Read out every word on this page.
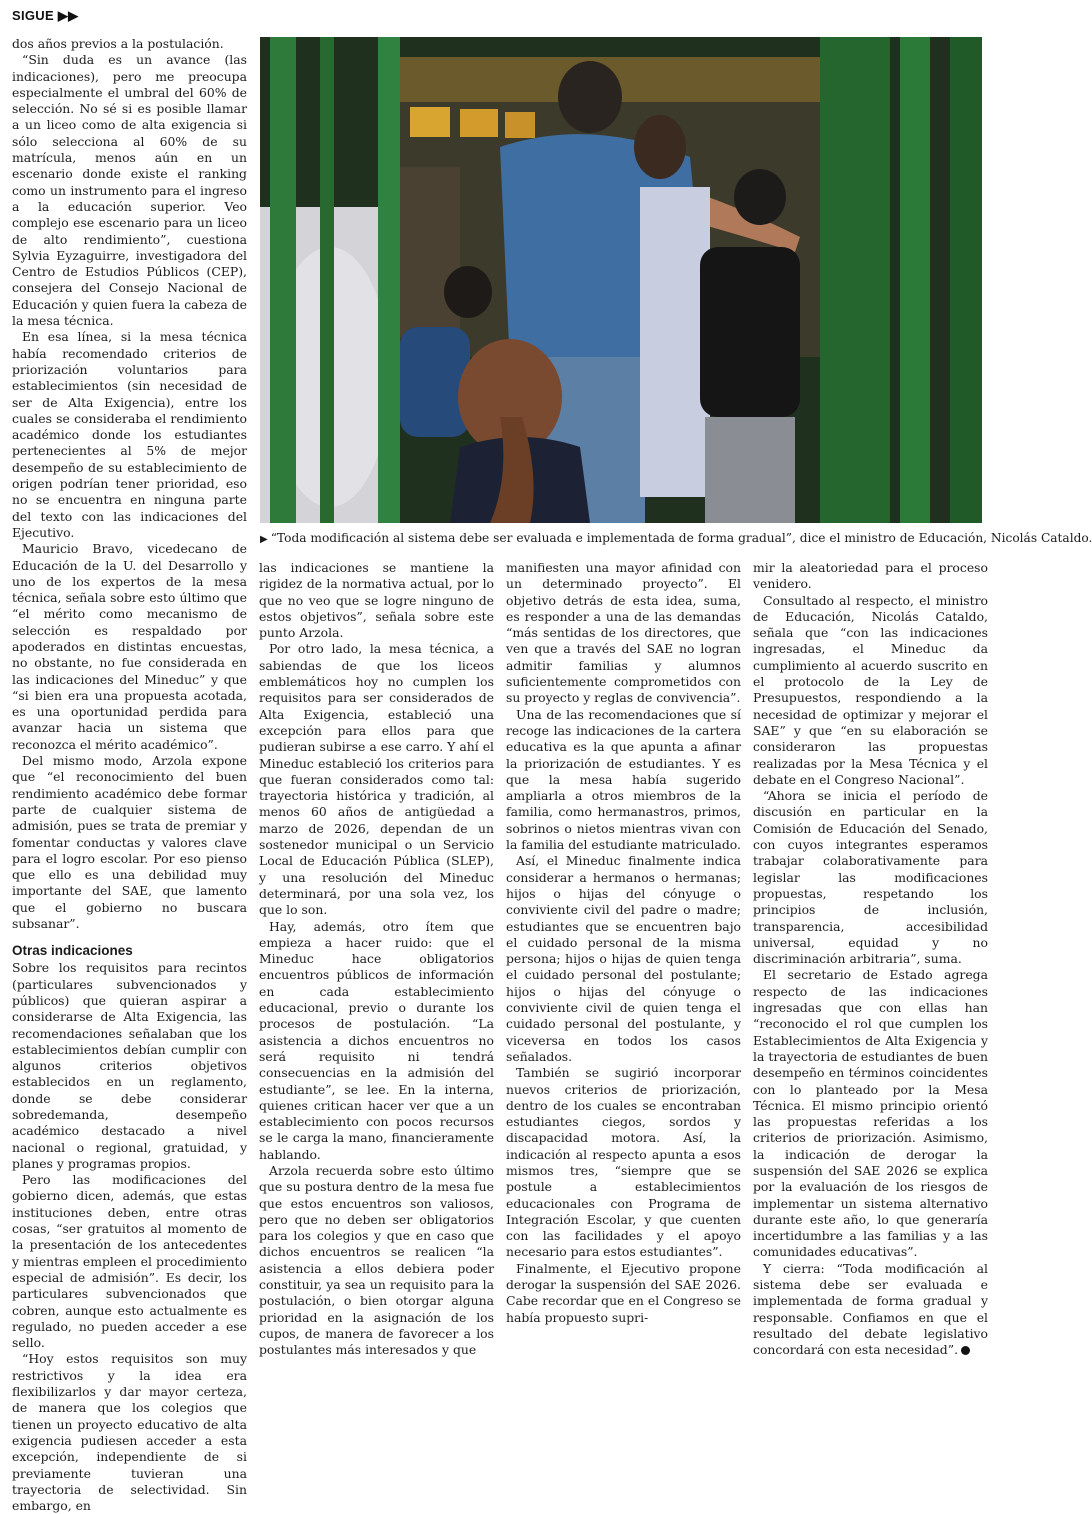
SIGUE ▶▶

dos años previos a la postulación.

“Sin duda es un avance (las indicaciones), pero me preocupa especialmente el umbral del 60% de selección. No sé si es posible llamar a un liceo como de alta exigencia si sólo selecciona al 60% de su matrícula, menos aún en un escenario donde existe el ranking como un instrumento para el ingreso a la educación superior. Veo complejo ese escenario para un liceo de alto rendimiento”, cuestiona Sylvia Eyzaguirre, investigadora del Centro de Estudios Públicos (CEP), consejera del Consejo Nacional de Educación y quien fuera la cabeza de la mesa técnica.

En esa línea, si la mesa técnica había recomendado criterios de priorización voluntarios para establecimientos (sin necesidad de ser de Alta Exigencia), entre los cuales se consideraba el rendimiento académico donde los estudiantes pertenecientes al 5% de mejor desempeño de su establecimiento de origen podrían tener prioridad, eso no se encuentra en ninguna parte del texto con las indicaciones del Ejecutivo.

Mauricio Bravo, vicedecano de Educación de la U. del Desarrollo y uno de los expertos de la mesa técnica, señala sobre esto último que “el mérito como mecanismo de selección es respaldado por apoderados en distintas encuestas, no obstante, no fue considerada en las indicaciones del Mineduc” y que “si bien era una propuesta acotada, es una oportunidad perdida para avanzar hacia un sistema que reconozca el mérito académico”.

Del mismo modo, Arzola expone que “el reconocimiento del buen rendimiento académico debe formar parte de cualquier sistema de admisión, pues se trata de premiar y fomentar conductas y valores clave para el logro escolar. Por eso pienso que ello es una debilidad muy importante del SAE, que lamento que el gobierno no buscara subsanar”.

Otras indicaciones

Sobre los requisitos para recintos (particulares subvencionados y públicos) que quieran aspirar a considerarse de Alta Exigencia, las recomendaciones señalaban que los establecimientos debían cumplir con algunos criterios objetivos establecidos en un reglamento, donde se debe considerar sobredemanda, desempeño académico destacado a nivel nacional o regional, gratuidad, y planes y programas propios.

Pero las modificaciones del gobierno dicen, además, que estas instituciones deben, entre otras cosas, “ser gratuitos al momento de la presentación de los antecedentes y mientras empleen el procedimiento especial de admisión”. Es decir, los particulares subvencionados que cobren, aunque esto actualmente es regulado, no pueden acceder a ese sello.

“Hoy estos requisitos son muy restrictivos y la idea era flexibilizarlos y dar mayor certeza, de manera que los colegios que tienen un proyecto educativo de alta exigencia pudiesen acceder a esta excepción, independiente de si previamente tuvieran una trayectoria de selectividad. Sin embargo, en

▶ “Toda modificación al sistema debe ser evaluada e implementada de forma gradual”, dice el ministro de Educación, Nicolás Cataldo.

las indicaciones se mantiene la rigidez de la normativa actual, por lo que no veo que se logre ninguno de estos objetivos”, señala sobre este punto Arzola.

Por otro lado, la mesa técnica, a sabiendas de que los liceos emblemáticos hoy no cumplen los requisitos para ser considerados de Alta Exigencia, estableció una excepción para ellos para que pudieran subirse a ese carro. Y ahí el Mineduc estableció los criterios para que fueran considerados como tal: trayectoria histórica y tradición, al menos 60 años de antigüedad a marzo de 2026, dependan de un sostenedor municipal o un Servicio Local de Educación Pública (SLEP), y una resolución del Mineduc determinará, por una sola vez, los que lo son.

Hay, además, otro ítem que empieza a hacer ruido: que el Mineduc hace obligatorios encuentros públicos de información en cada establecimiento educacional, previo o durante los procesos de postulación. “La asistencia a dichos encuentros no será requisito ni tendrá consecuencias en la admisión del estudiante”, se lee. En la interna, quienes critican hacer ver que a un establecimiento con pocos recursos se le carga la mano, financieramente hablando.

Arzola recuerda sobre esto último que su postura dentro de la mesa fue que estos encuentros son valiosos, pero que no deben ser obligatorios para los colegios y que en caso que dichos encuentros se realicen “la asistencia a ellos debiera poder constituir, ya sea un requisito para la postulación, o bien otorgar alguna prioridad en la asignación de los cupos, de manera de favorecer a los postulantes más interesados y que

manifiesten una mayor afinidad con un determinado proyecto”. El objetivo detrás de esta idea, suma, es responder a una de las demandas “más sentidas de los directores, que ven que a través del SAE no logran admitir familias y alumnos suficientemente comprometidos con su proyecto y reglas de convivencia”.

Una de las recomendaciones que sí recoge las indicaciones de la cartera educativa es la que apunta a afinar la priorización de estudiantes. Y es que la mesa había sugerido ampliarla a otros miembros de la familia, como hermanastros, primos, sobrinos o nietos mientras vivan con la familia del estudiante matriculado.

Así, el Mineduc finalmente indica considerar a hermanos o hermanas; hijos o hijas del cónyuge o conviviente civil del padre o madre; estudiantes que se encuentren bajo el cuidado personal de la misma persona; hijos o hijas de quien tenga el cuidado personal del postulante; hijos o hijas del cónyuge o conviviente civil de quien tenga el cuidado personal del postulante, y viceversa en todos los casos señalados.

También se sugirió incorporar nuevos criterios de priorización, dentro de los cuales se encontraban estudiantes ciegos, sordos y discapacidad motora. Así, la indicación al respecto apunta a esos mismos tres, “siempre que se postule a establecimientos educacionales con Programa de Integración Escolar, y que cuenten con las facilidades y el apoyo necesario para estos estudiantes”.

Finalmente, el Ejecutivo propone derogar la suspensión del SAE 2026. Cabe recordar que en el Congreso se había propuesto supri-

mir la aleatoriedad para el proceso venidero.

Consultado al respecto, el ministro de Educación, Nicolás Cataldo, señala que “con las indicaciones ingresadas, el Mineduc da cumplimiento al acuerdo suscrito en el protocolo de la Ley de Presupuestos, respondiendo a la necesidad de optimizar y mejorar el SAE” y que “en su elaboración se consideraron las propuestas realizadas por la Mesa Técnica y el debate en el Congreso Nacional”.

“Ahora se inicia el período de discusión en particular en la Comisión de Educación del Senado, con cuyos integrantes esperamos trabajar colaborativamente para legislar las modificaciones propuestas, respetando los principios de inclusión, transparencia, accesibilidad universal, equidad y no discriminación arbitraria”, suma.

El secretario de Estado agrega respecto de las indicaciones ingresadas que con ellas han “reconocido el rol que cumplen los Establecimientos de Alta Exigencia y la trayectoria de estudiantes de buen desempeño en términos coincidentes con lo planteado por la Mesa Técnica. El mismo principio orientó las propuestas referidas a los criterios de priorización. Asimismo, la indicación de derogar la suspensión del SAE 2026 se explica por la evaluación de los riesgos de implementar un sistema alternativo durante este año, lo que generaría incertidumbre a las familias y a las comunidades educativas”.

Y cierra: “Toda modificación al sistema debe ser evaluada e implementada de forma gradual y responsable. Confiamos en que el resultado del debate legislativo concordará con esta necesidad”.
